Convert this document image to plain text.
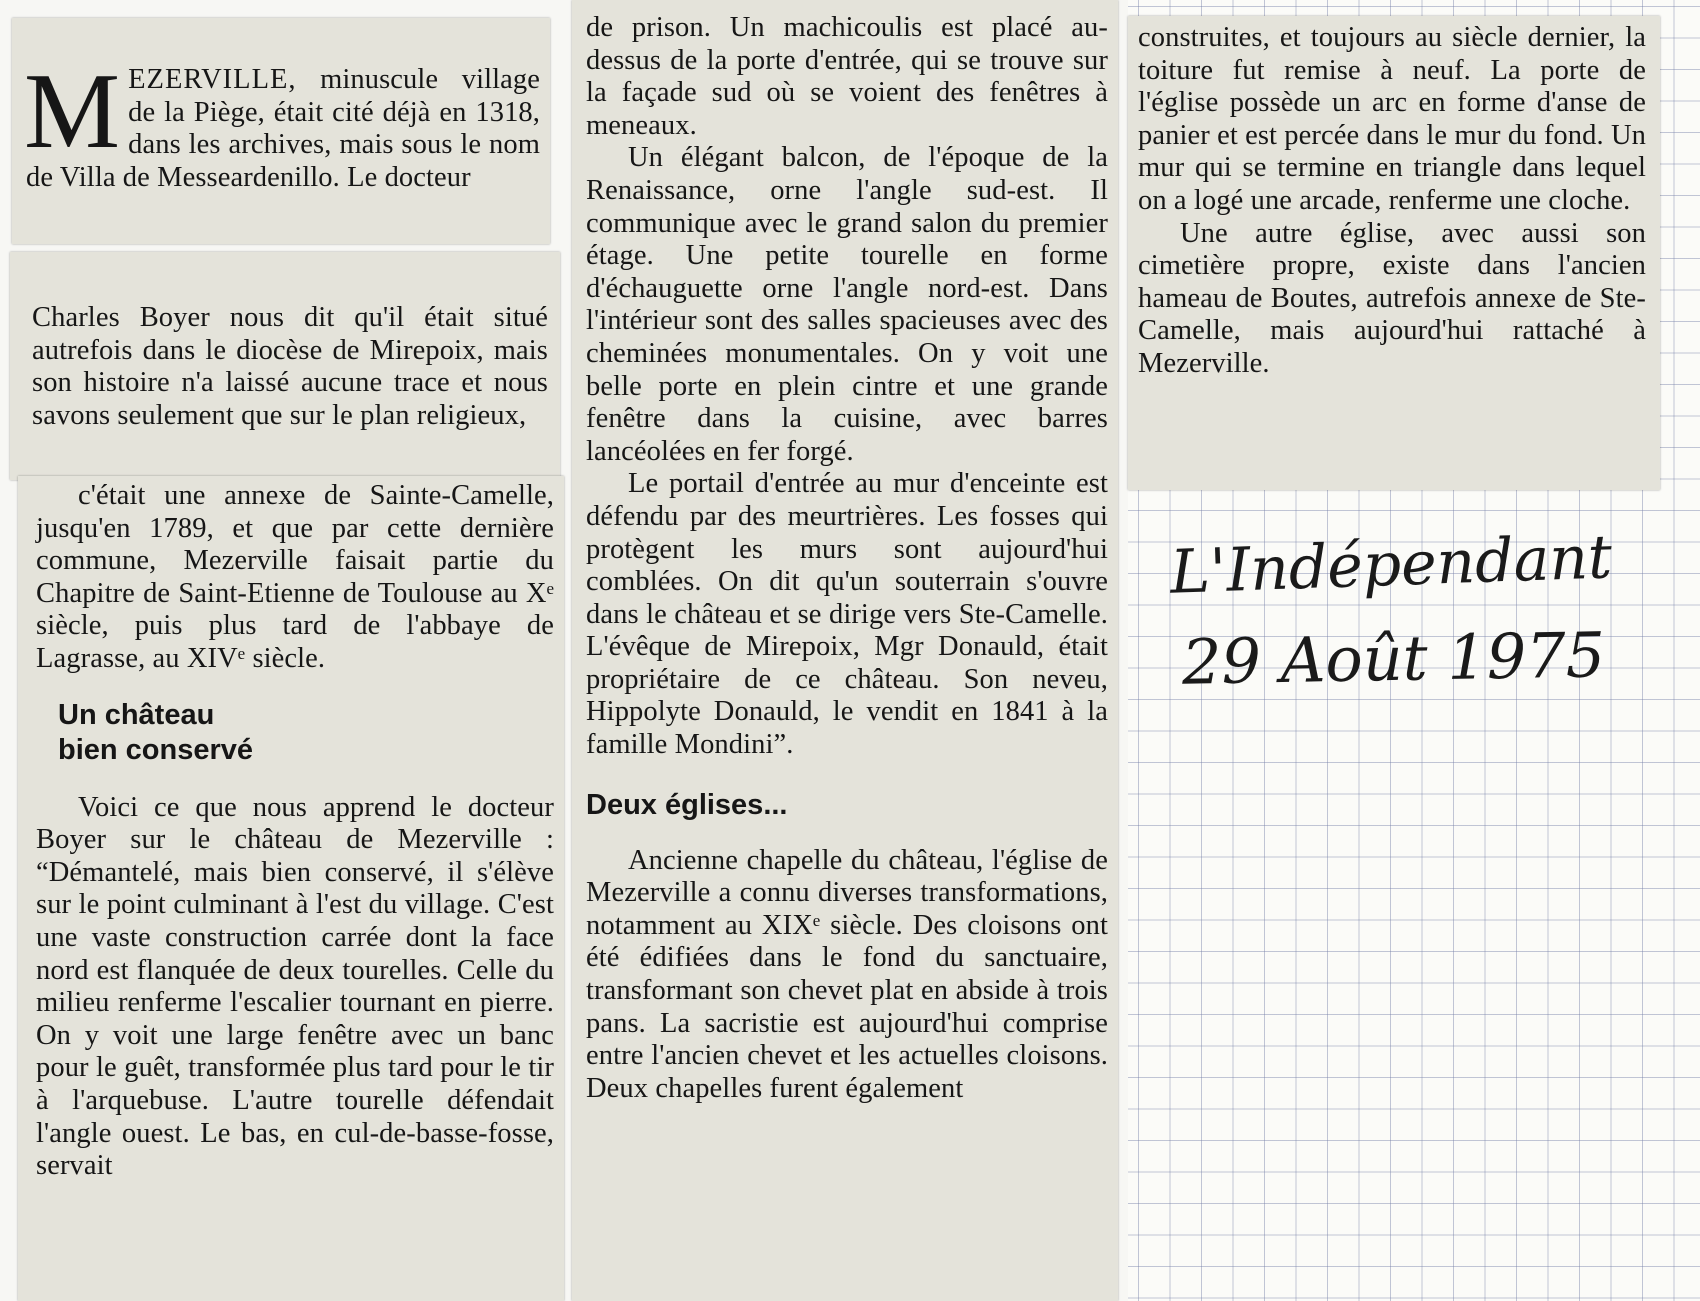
M EZERVILLE, minuscule village de la Piège, était cité déjà en 1318, dans les archives, mais sous le nom de Villa de Messeardenillo. Le docteur
Charles Boyer nous dit qu'il était situé autrefois dans le diocèse de Mirepoix, mais son histoire n'a laissé aucune trace et nous savons seulement que sur le plan religieux,

c'était une annexe de Sainte-Camelle, jusqu'en 1789, et que par cette dernière commune, Mezerville faisait partie du Chapitre de Saint-Etienne de Toulouse au Xᵉ siècle, puis plus tard de l'abbaye de Lagrasse, au XIVᵉ siècle.

Un château

bien conservé

Voici ce que nous apprend le docteur Boyer sur le château de Mezerville : “Démantelé, mais bien conservé, il s'élève sur le point culminant à l'est du village. C'est une vaste construction carrée dont la face nord est flanquée de deux tourelles. Celle du milieu renferme l'escalier tournant en pierre. On y voit une large fenêtre avec un banc pour le guêt, transformée plus tard pour le tir à l'arquebuse. L'autre tourelle défendait l'angle ouest. Le bas, en cul-de-basse-fosse, servait

de prison. Un machicoulis est placé au-dessus de la porte d'entrée, qui se trouve sur la façade sud où se voient des fenêtres à meneaux.

Un élégant balcon, de l'époque de la Renaissance, orne l'angle sud-est. Il communique avec le grand salon du premier étage. Une petite tourelle en forme d'échauguette orne l'angle nord-est. Dans l'intérieur sont des salles spacieuses avec des cheminées monumentales. On y voit une belle porte en plein cintre et une grande fenêtre dans la cuisine, avec barres lancéolées en fer forgé.

Le portail d'entrée au mur d'enceinte est défendu par des meurtrières. Les fosses qui protègent les murs sont aujourd'hui comblées. On dit qu'un souterrain s'ouvre dans le château et se dirige vers Ste-Camelle. L'évêque de Mirepoix, Mgr Donauld, était propriétaire de ce château. Son neveu, Hippolyte Donauld, le vendit en 1841 à la famille Mondini”.

Deux églises...

Ancienne chapelle du château, l'église de Mezerville a connu diverses transformations, notamment au XIXᵉ siècle. Des cloisons ont été édifiées dans le fond du sanctuaire, transformant son chevet plat en abside à trois pans. La sacristie est aujourd'hui comprise entre l'ancien chevet et les actuelles cloisons. Deux chapelles furent également

construites, et toujours au siècle dernier, la toiture fut remise à neuf. La porte de l'église possède un arc en forme d'anse de panier et est percée dans le mur du fond. Un mur qui se termine en triangle dans lequel on a logé une arcade, renferme une cloche.

Une autre église, avec aussi son cimetière propre, existe dans l'ancien hameau de Boutes, autrefois annexe de Ste-Camelle, mais aujourd'hui rattaché à Mezerville.

L'Indépendant
29 Août 1975
